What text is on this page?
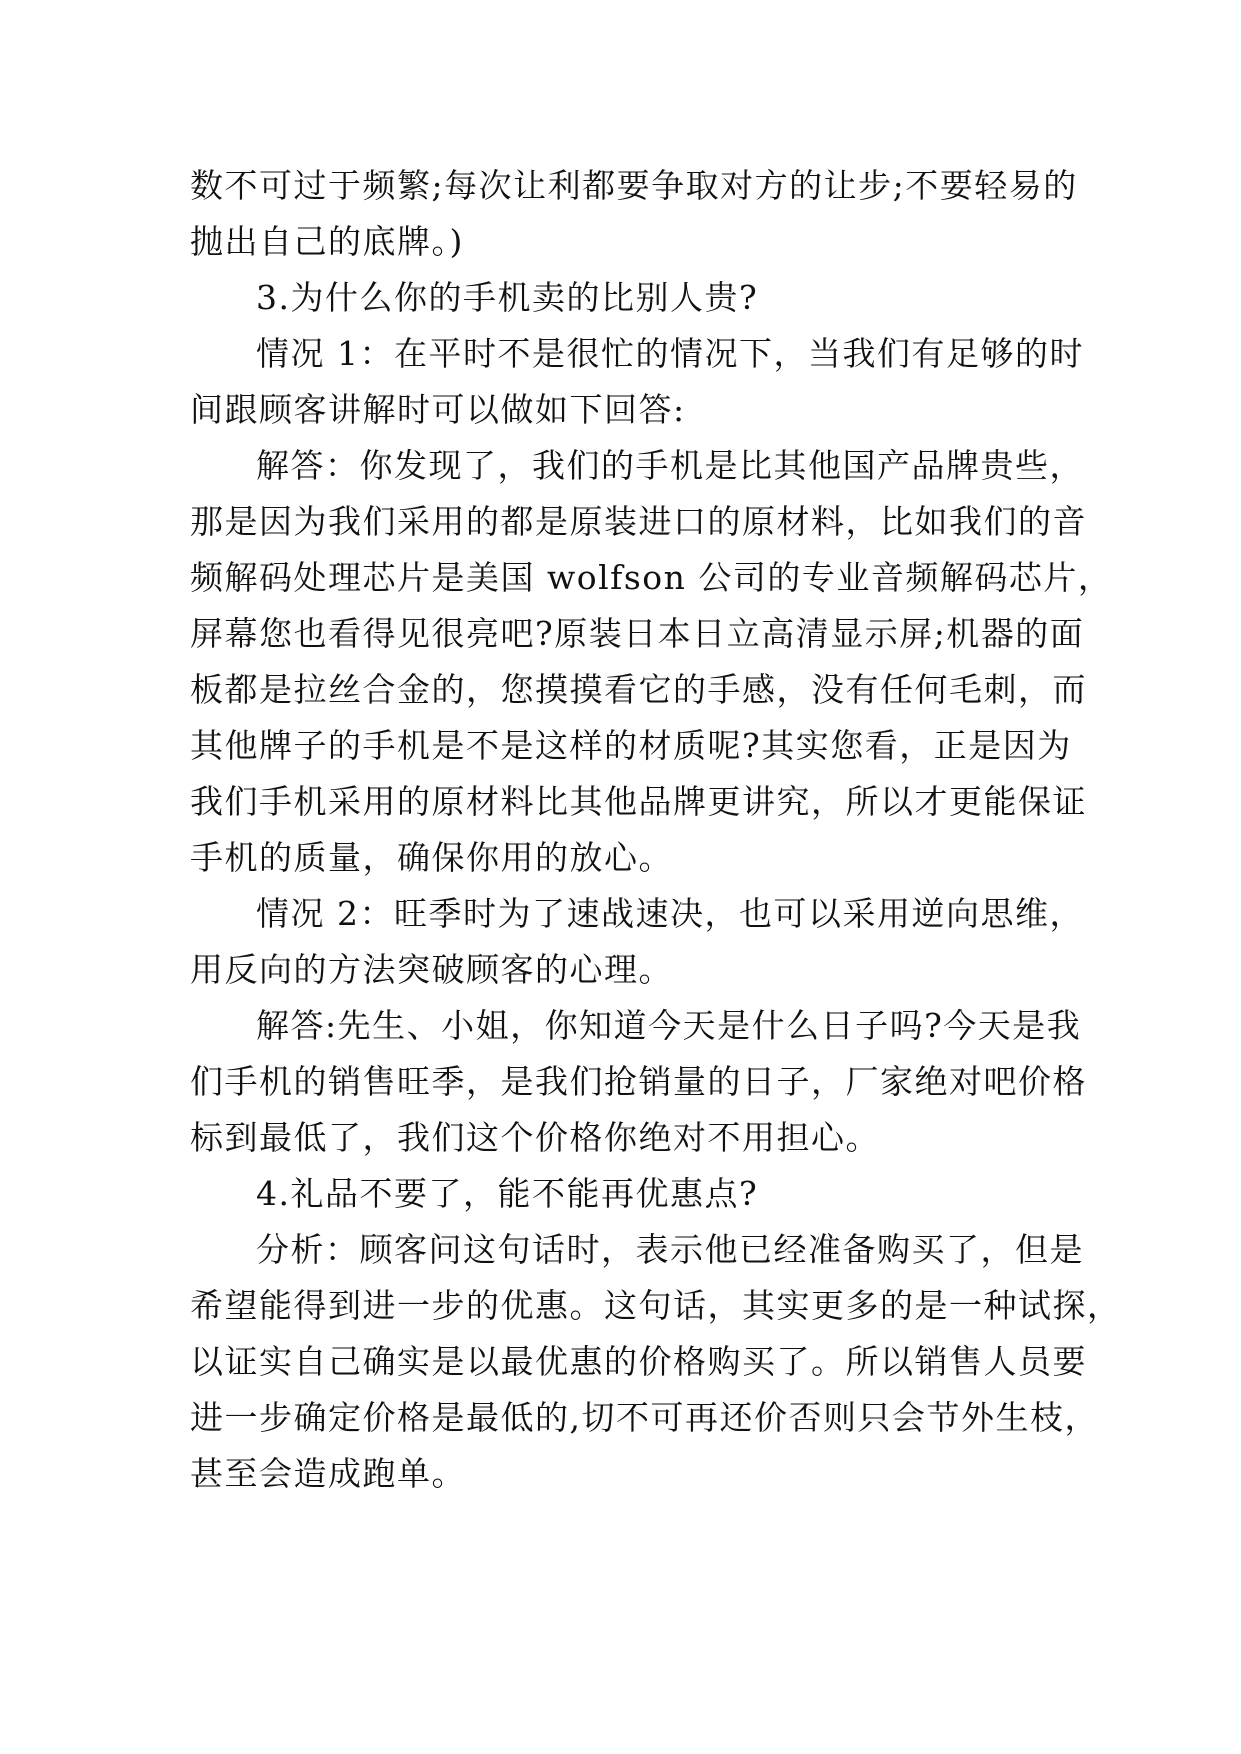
数不可过于频繁;每次让利都要争取对方的让步;不要轻易的
抛出自己的底牌。)
3.为什么你的手机卖的比别人贵?
情况 1：在平时不是很忙的情况下，当我们有足够的时
间跟顾客讲解时可以做如下回答:
解答：你发现了，我们的手机是比其他国产品牌贵些，
那是因为我们采用的都是原装进口的原材料，比如我们的音
频解码处理芯片是美国 wolfson 公司的专业音频解码芯片，
屏幕您也看得见很亮吧?原装日本日立高清显示屏;机器的面
板都是拉丝合金的，您摸摸看它的手感，没有任何毛刺，而
其他牌子的手机是不是这样的材质呢?其实您看，正是因为
我们手机采用的原材料比其他品牌更讲究，所以才更能保证
手机的质量，确保你用的放心。
情况 2：旺季时为了速战速决，也可以采用逆向思维，
用反向的方法突破顾客的心理。
解答:先生、小姐，你知道今天是什么日子吗?今天是我
们手机的销售旺季，是我们抢销量的日子，厂家绝对吧价格
标到最低了，我们这个价格你绝对不用担心。
4.礼品不要了，能不能再优惠点?
分析：顾客问这句话时，表示他已经准备购买了，但是
希望能得到进一步的优惠。这句话，其实更多的是一种试探，
以证实自己确实是以最优惠的价格购买了。所以销售人员要
进一步确定价格是最低的,切不可再还价否则只会节外生枝，
甚至会造成跑单。
